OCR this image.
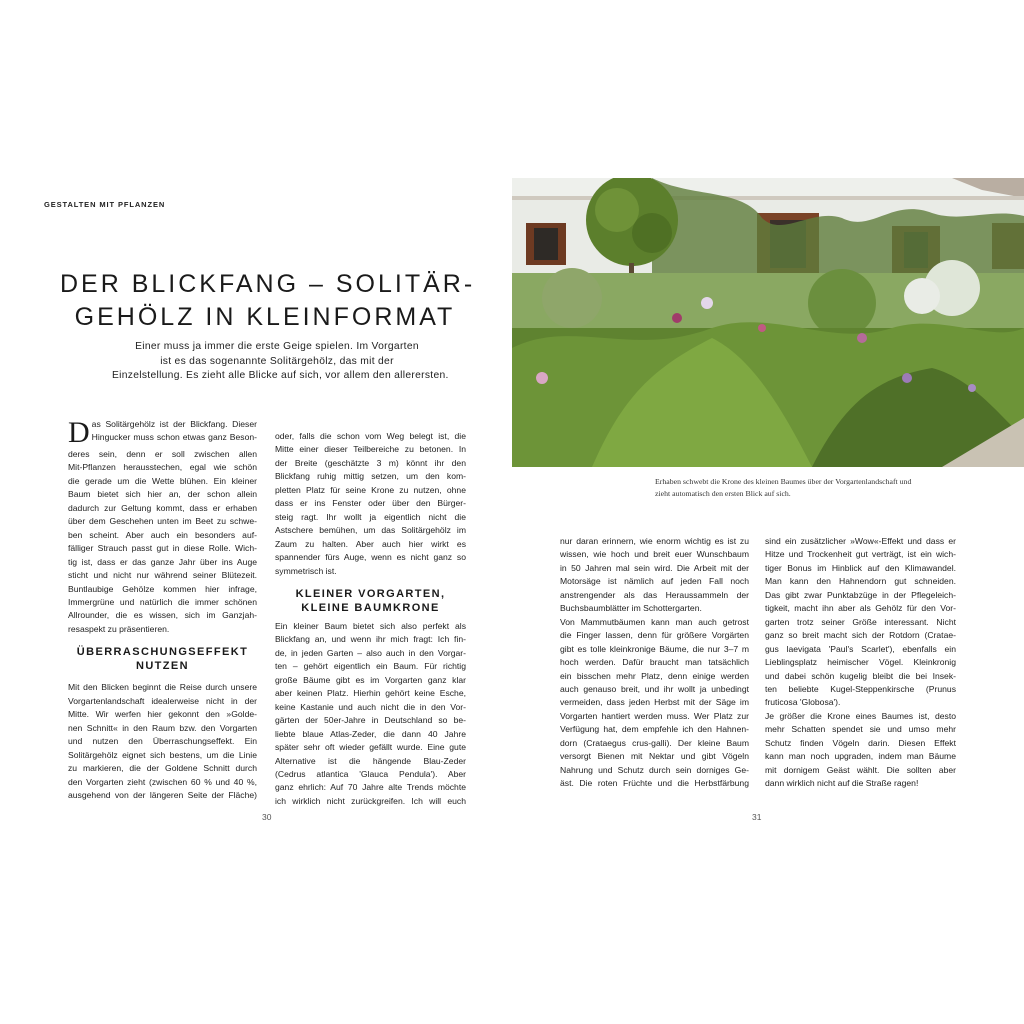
GESTALTEN MIT PFLANZEN
DER BLICKFANG – SOLITÄR-
GEHÖLZ IN KLEINFORMAT
Einer muss ja immer die erste Geige spielen. Im Vorgarten
ist es das sogenannte Solitärgehölz, das mit der
Einzelstellung. Es zieht alle Blicke auf sich, vor allem den allerersten.
D as Solitärgehölz ist der Blickfang. Dieser
Hingucker muss schon etwas ganz Beson-
deres sein, denn er soll zwischen allen
Mit-Pflanzen herausstechen, egal wie schön
die gerade um die Wette blühen. Ein kleiner
Baum bietet sich hier an, der schon allein
dadurch zur Geltung kommt, dass er erhaben
über dem Geschehen unten im Beet zu schwe-
ben scheint. Aber auch ein besonders auf-
fälliger Strauch passt gut in diese Rolle. Wich-
tig ist, dass er das ganze Jahr über ins Auge
sticht und nicht nur während seiner Blütezeit.
Buntlaubige Gehölze kommen hier infrage,
Immergrüne und natürlich die immer schönen
Allrounder, die es wissen, sich im Ganzjah-
resaspekt zu präsentieren.
ÜBERRASCHUNGSEFFEKT
NUTZEN
Mit den Blicken beginnt die Reise durch unsere
Vorgartenlandschaft idealerweise nicht in der
Mitte. Wir werfen hier gekonnt den »Golde-
nen Schnitt« in den Raum bzw. den Vorgarten
und nutzen den Überraschungseffekt. Ein
Solitärgehölz eignet sich bestens, um die Linie
zu markieren, die der Goldene Schnitt durch
den Vorgarten zieht (zwischen 60 % und 40 %,
ausgehend von der längeren Seite der Fläche)
oder, falls die schon vom Weg belegt ist, die
Mitte einer dieser Teilbereiche zu betonen. In
der Breite (geschätzte 3 m) könnt ihr den
Blickfang ruhig mittig setzen, um den kom-
pletten Platz für seine Krone zu nutzen, ohne
dass er ins Fenster oder über den Bürger-
steig ragt. Ihr wollt ja eigentlich nicht die
Astschere bemühen, um das Solitärgehölz im
Zaum zu halten. Aber auch hier wirkt es
spannender fürs Auge, wenn es nicht ganz so
symmetrisch ist.
KLEINER VORGARTEN,
KLEINE BAUMKRONE
Ein kleiner Baum bietet sich also perfekt als
Blickfang an, und wenn ihr mich fragt: Ich fin-
de, in jeden Garten – also auch in den Vorgar-
ten – gehört eigentlich ein Baum. Für richtig
große Bäume gibt es im Vorgarten ganz klar
aber keinen Platz. Hierhin gehört keine Esche,
keine Kastanie und auch nicht die in den Vor-
gärten der 50er-Jahre in Deutschland so be-
liebte blaue Atlas-Zeder, die dann 40 Jahre
später sehr oft wieder gefällt wurde. Eine gute
Alternative ist die hängende Blau-Zeder
(Cedrus atlantica 'Glauca Pendula'). Aber
ganz ehrlich: Auf 70 Jahre alte Trends möchte
ich wirklich nicht zurückgreifen. Ich will euch
30
Erhaben schwebt die Krone des kleinen Baumes über der Vorgartenlandschaft und
zieht automatisch den ersten Blick auf sich.
nur daran erinnern, wie enorm wichtig es ist zu
wissen, wie hoch und breit euer Wunschbaum
in 50 Jahren mal sein wird. Die Arbeit mit der
Motorsäge ist nämlich auf jeden Fall noch
anstrengender als das Heraussammeln der
Buchsbaumblätter im Schottergarten.
Von Mammutbäumen kann man auch getrost
die Finger lassen, denn für größere Vorgärten
gibt es tolle kleinkronige Bäume, die nur 3–7 m
hoch werden. Dafür braucht man tatsächlich
ein bisschen mehr Platz, denn einige werden
auch genauso breit, und ihr wollt ja unbedingt
vermeiden, dass jeden Herbst mit der Säge im
Vorgarten hantiert werden muss. Wer Platz zur
Verfügung hat, dem empfehle ich den Hahnen-
dorn (Crataegus crus-galli). Der kleine Baum
versorgt Bienen mit Nektar und gibt Vögeln
Nahrung und Schutz durch sein dorniges Ge-
äst. Die roten Früchte und die Herbstfärbung
sind ein zusätzlicher »Wow«-Effekt und dass er
Hitze und Trockenheit gut verträgt, ist ein wich-
tiger Bonus im Hinblick auf den Klimawandel.
Man kann den Hahnendorn gut schneiden.
Das gibt zwar Punktabzüge in der Pflegeleich-
tigkeit, macht ihn aber als Gehölz für den Vor-
garten trotz seiner Größe interessant. Nicht
ganz so breit macht sich der Rotdorn (Cratae-
gus laevigata 'Paul's Scarlet'), ebenfalls ein
Lieblingsplatz heimischer Vögel. Kleinkronig
und dabei schön kugelig bleibt die bei Insek-
ten beliebte Kugel-Steppenkirsche (Prunus
fruticosa 'Globosa').
Je größer die Krone eines Baumes ist, desto
mehr Schatten spendet sie und umso mehr
Schutz finden Vögeln darin. Diesen Effekt
kann man noch upgraden, indem man Bäume
mit dornigem Geäst wählt. Die sollten aber
dann wirklich nicht auf die Straße ragen!
31
